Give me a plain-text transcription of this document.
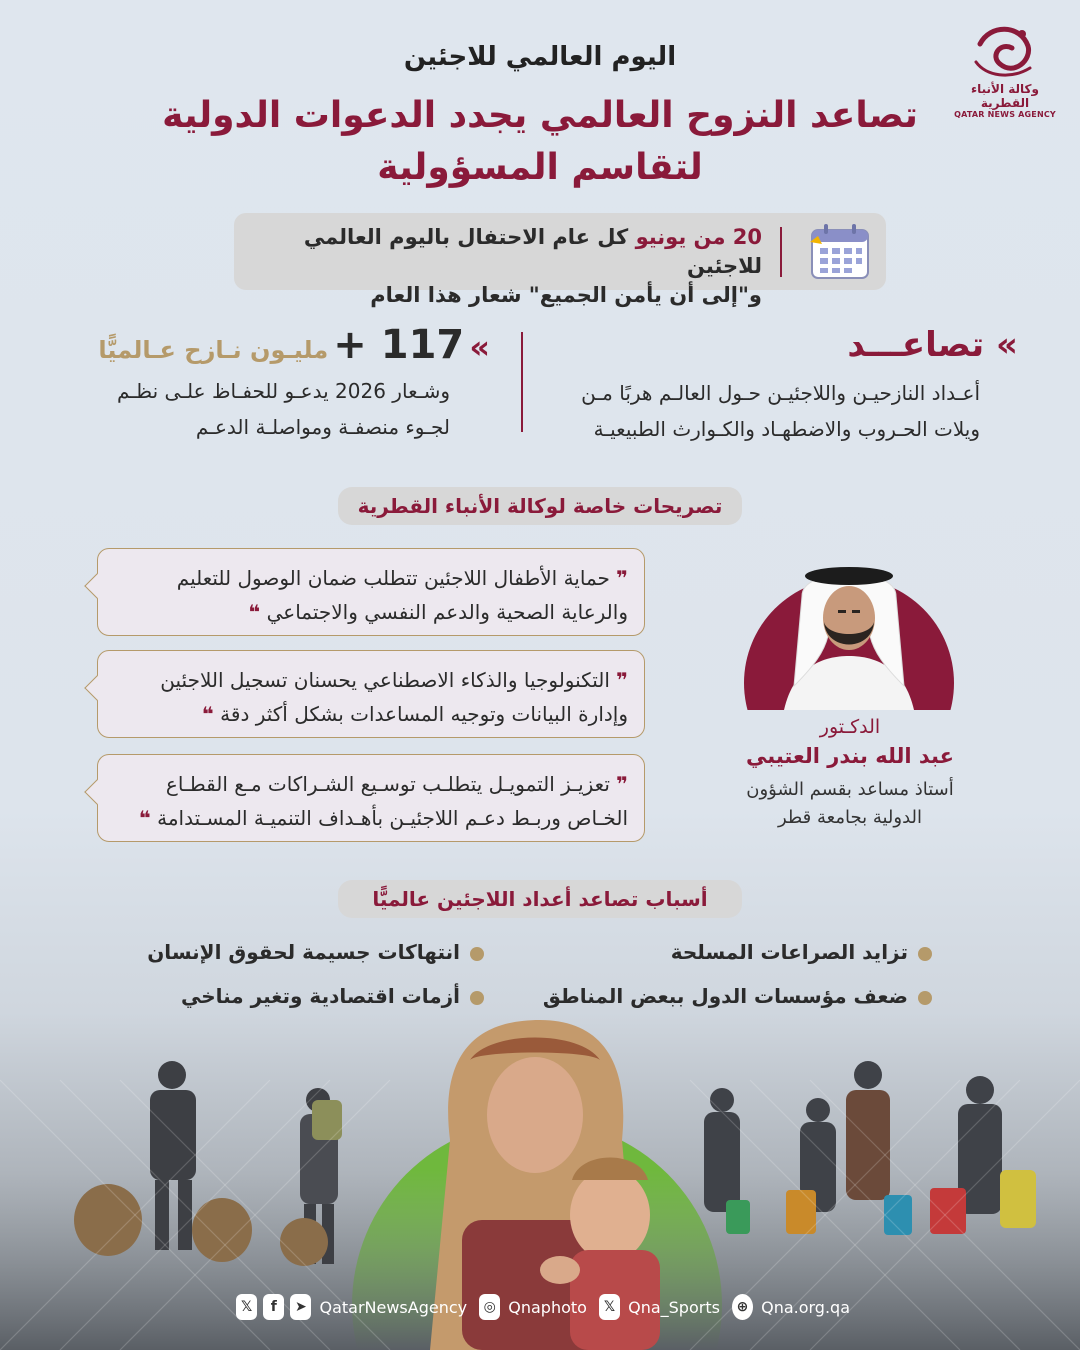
وكالة الأنباء القطرية
QATAR NEWS AGENCY
اليوم العالمي للاجئين
تصاعد النزوح العالمي يجدد الدعوات الدولية
لتقاسم المسؤولية
20 من يونيو كل عام الاحتفال باليوم العالمي للاجئين
و"إلى أن يأمن الجميع" شعار هذا العام
» تصاعـــد
أعـداد النازحيـن واللاجئيـن حـول العالـم هربًا مـن
ويلات الحـروب والاضطهـاد والكـوارث الطبيعيـة
» 117 + مليـون نـازح عـالميًّا
وشـعار 2026 يدعـو للحفـاظ علـى نظـم
لجـوء منصفـة ومواصلـة الدعـم
تصريحات خاصة لوكالة الأنباء القطرية
❞ حماية الأطفال اللاجئين تتطلب ضمان الوصول للتعليم
والرعاية الصحية والدعم النفسي والاجتماعي ❝
❞ التكنولوجيا والذكاء الاصطناعي يحسنان تسجيل اللاجئين
وإدارة البيانات وتوجيه المساعدات بشكل أكثر دقة ❝
❞ تعزيـز التمويـل يتطلـب توسـيع الشـراكات مـع القطـاع
الخـاص وربـط دعـم اللاجئيـن بأهـداف التنميـة المسـتدامة ❝
الدكـتور
عبد الله بندر العتيبي
أستاذ مساعد بقسم الشؤون
الدولية بجامعة قطر
أسباب تصاعد أعداد اللاجئين عالميًّا
تزايد الصراعات المسلحة
ضعف مؤسسات الدول ببعض المناطق
انتهاكات جسيمة لحقوق الإنسان
أزمات اقتصادية وتغير مناخي
𝕏	f	➤ QatarNewsAgency	◎ Qnaphoto	𝕏 Qna_Sports	⊕ Qna.org.qa
